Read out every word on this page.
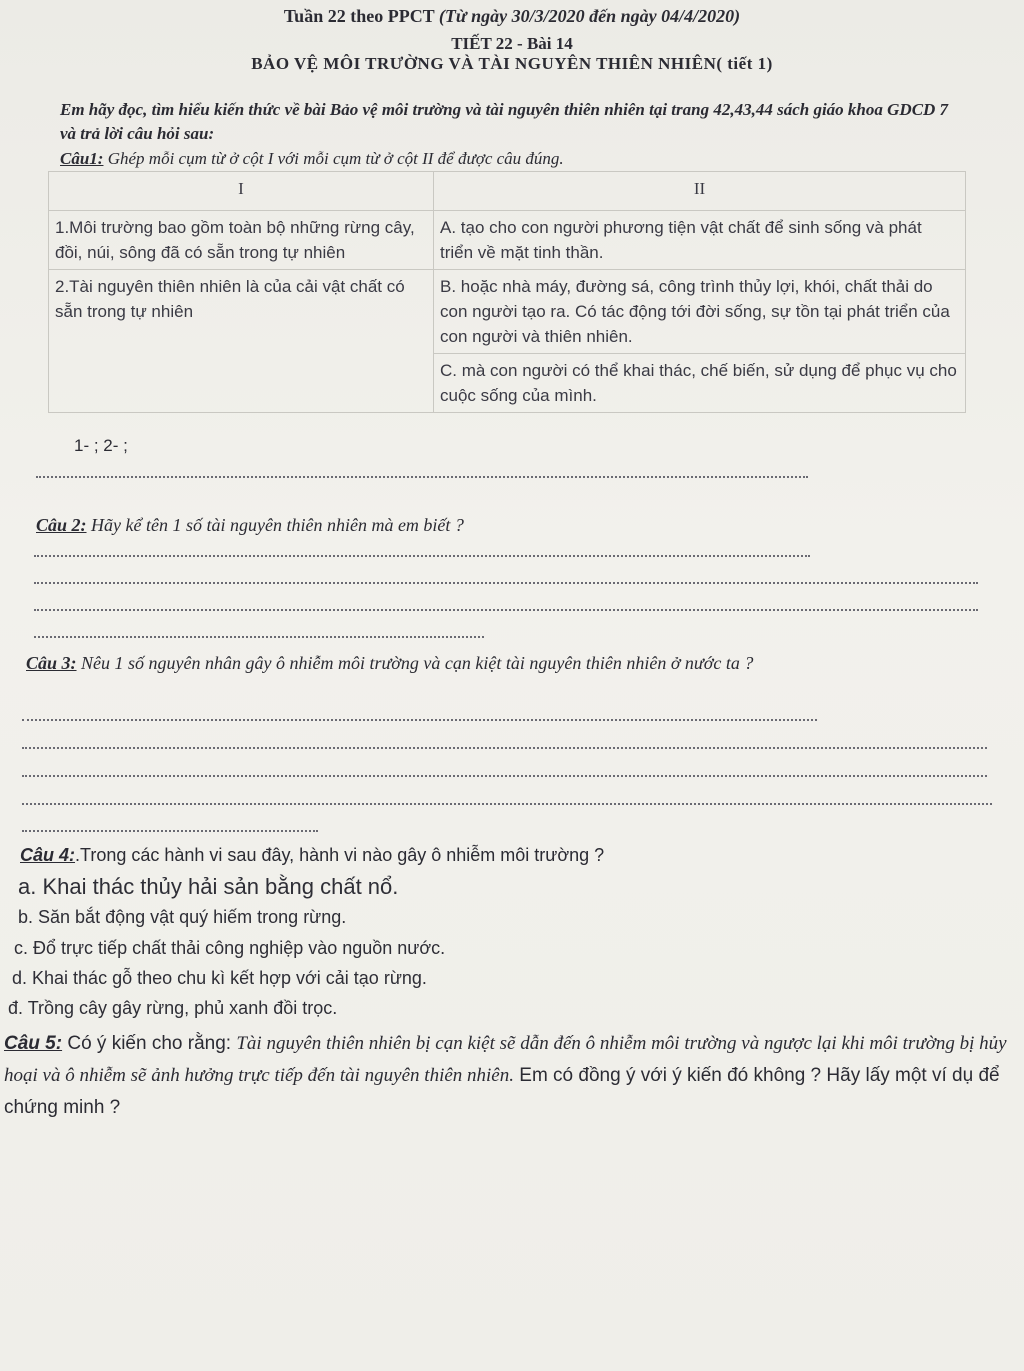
Tuần 22 theo PPCT (Từ ngày 30/3/2020 đến ngày 04/4/2020)
TIẾT 22 - Bài 14
BẢO VỆ MÔI TRƯỜNG VÀ TÀI NGUYÊN THIÊN NHIÊN( tiết 1)
Em hãy đọc, tìm hiểu kiến thức về bài Bảo vệ môi trường và tài nguyên thiên nhiên tại trang 42,43,44 sách giáo khoa GDCD 7 và trả lời câu hỏi sau:
Câu1: Ghép mỗi cụm từ ở cột I với mỗi cụm từ ở cột II để được câu đúng.
I	II
1.Môi trường bao gồm toàn bộ những rừng cây, đồi, núi, sông đã có sẵn trong tự nhiên	A. tạo cho con người phương tiện vật chất để sinh sống và phát triển về mặt tinh thần.
2.Tài nguyên thiên nhiên là của cải vật chất có sẵn trong tự nhiên	B. hoặc nhà máy, đường sá, công trình thủy lợi, khói, chất thải do con người tạo ra. Có tác động tới đời sống, sự tồn tại phát triển của con người và thiên nhiên.
	C. mà con người có thể khai thác, chế biến, sử dụng để phục vụ cho cuộc sống của mình.
1- ; 2- ;
Câu 2: Hãy kể tên 1 số tài nguyên thiên nhiên mà em biết ?
Câu 3: Nêu 1 số nguyên nhân gây ô nhiễm môi trường và cạn kiệt tài nguyên thiên nhiên ở nước ta ?
Câu 4:.Trong các hành vi sau đây, hành vi nào gây ô nhiễm môi trường ?
a. Khai thác thủy hải sản bằng chất nổ.
b. Săn bắt động vật quý hiếm trong rừng.
c. Đổ trực tiếp chất thải công nghiệp vào nguồn nước.
d. Khai thác gỗ theo chu kì kết hợp với cải tạo rừng.
đ. Trồng cây gây rừng, phủ xanh đồi trọc.
Câu 5: Có ý kiến cho rằng: Tài nguyên thiên nhiên bị cạn kiệt sẽ dẫn đến ô nhiễm môi trường và ngược lại khi môi trường bị hủy hoại và ô nhiễm sẽ ảnh hưởng trực tiếp đến tài nguyên thiên nhiên. Em có đồng ý với ý kiến đó không ? Hãy lấy một ví dụ để chứng minh ?
